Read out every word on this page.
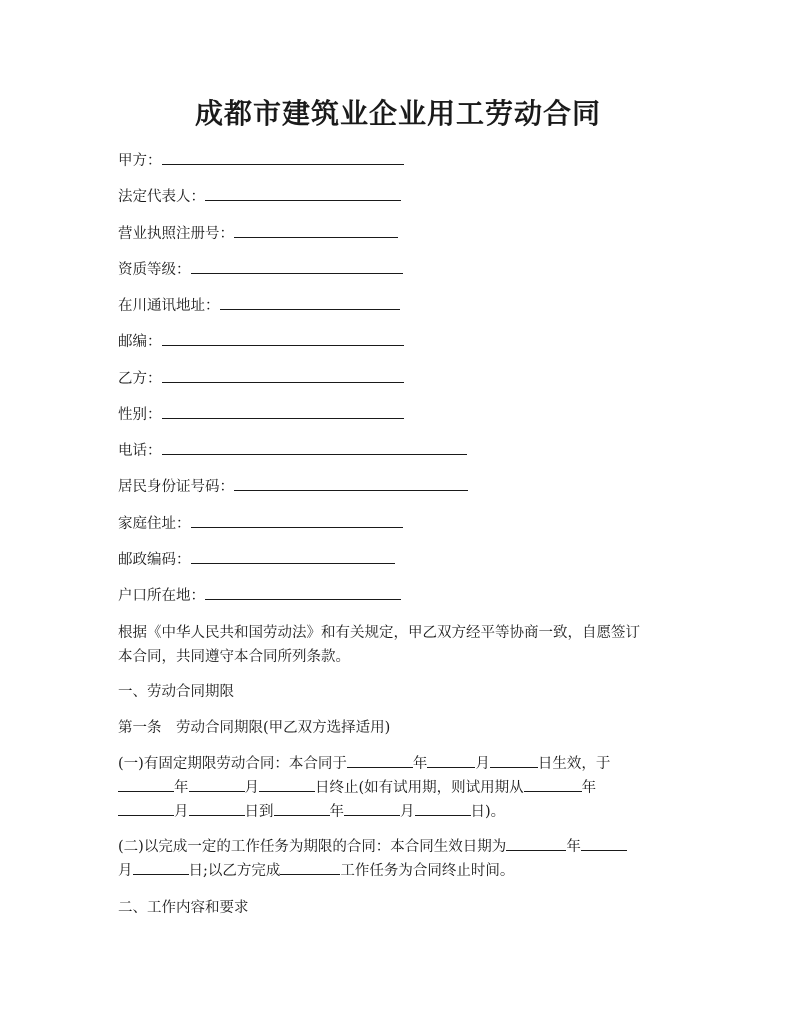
成都市建筑业企业用工劳动合同
甲方：
法定代表人：
营业执照注册号：
资质等级：
在川通讯地址：
邮编：
乙方：
性别：
电话：
居民身份证号码：
家庭住址：
邮政编码：
户口所在地：
根据《中华人民共和国劳动法》和有关规定，甲乙双方经平等协商一致，自愿签订
本合同，共同遵守本合同所列条款。
一、劳动合同期限
第一条　劳动合同期限(甲乙双方选择适用)
(一)有固定期限劳动合同：本合同于	年	月	日生效，于
年	月	日终止(如有试用期，则试用期从	年
月	日到	年	月	日)。
(二)以完成一定的工作任务为期限的合同：本合同生效日期为	年
月	日;以乙方完成	工作任务为合同终止时间。
二、工作内容和要求
